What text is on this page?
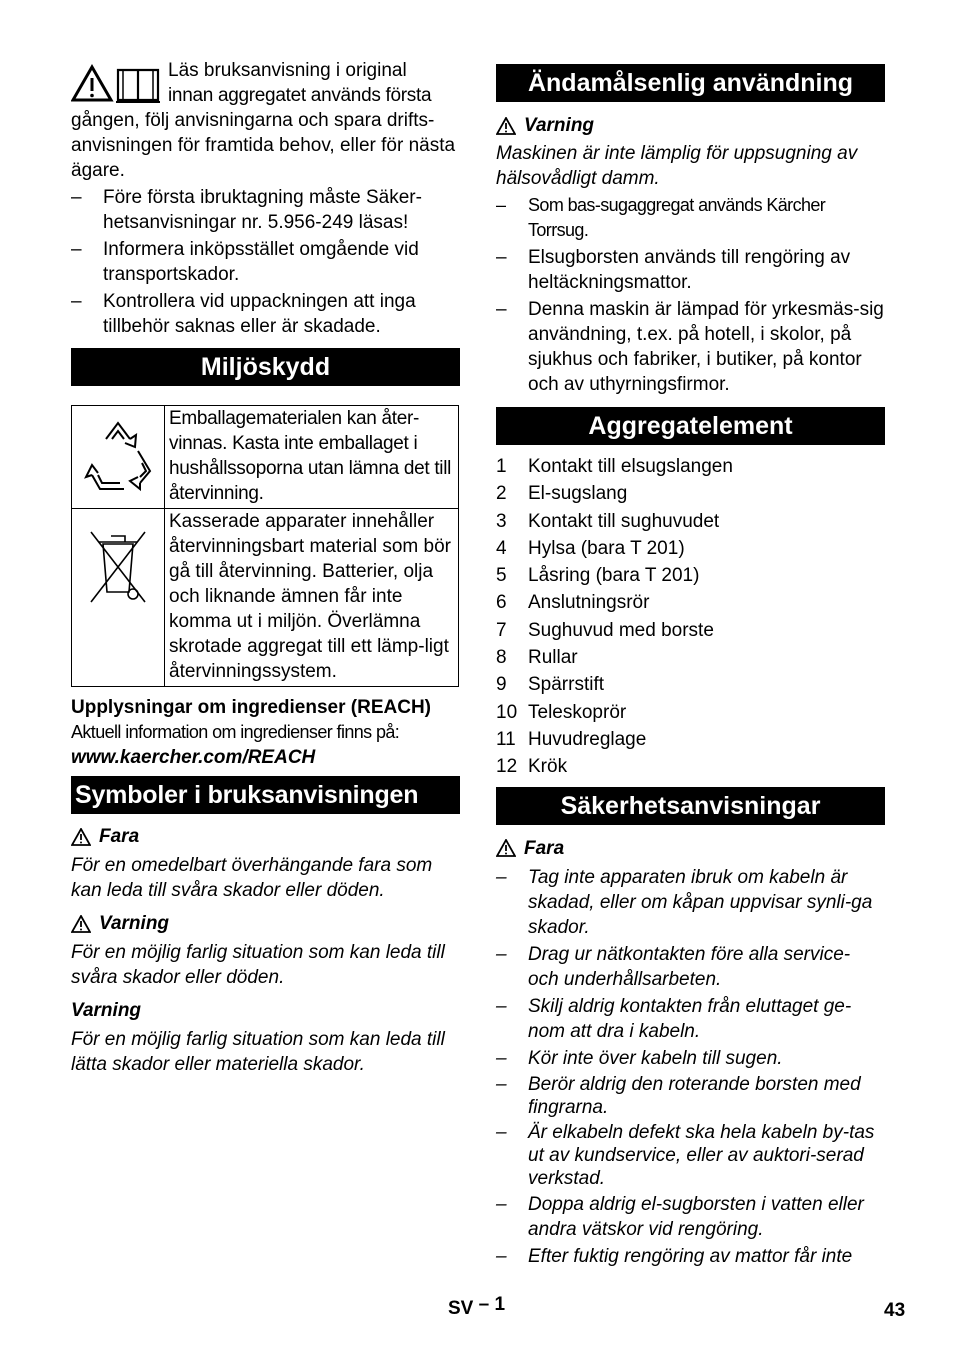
Läs bruksanvisning i original

innan aggregatet används första

gången, följ anvisningarna och spara drifts-anvisningen för framtida behov, eller för nästa ägare.

– Före första ibruktagning måste Säker-hetsanvisningar nr. 5.956-249 läsas!
– Informera inköpsstället omgående vid transportskador.
– Kontrollera vid uppackningen att inga tillbehör saknas eller är skadade.
Miljöskydd
	Emballagematerialen kan åter-vinnas. Kasta inte emballaget i hushållssoporna utan lämna det till återvinning.
	Kasserade apparater innehåller återvinningsbart material som bör gå till återvinning. Batterier, olja och liknande ämnen får inte komma ut i miljön. Överlämna skrotade aggregat till ett lämp-ligt återvinningssystem.

Upplysningar om ingredienser (REACH)

Aktuell information om ingredienser finns på:

www.kaercher.com/REACH

Symboler i bruksanvisningen
Fara

För en omedelbart överhängande fara som kan leda till svåra skador eller döden.

Varning

För en möjlig farlig situation som kan leda till svåra skador eller döden.

Varning

För en möjlig farlig situation som kan leda till lätta skador eller materiella skador.

Ändamålsenlig användning
Varning

Maskinen är inte lämplig för uppsugning av hälsovådligt damm.

– Som bas-sugaggregat används Kärcher Torrsug.
– Elsugborsten används till rengöring av heltäckningsmattor.
– Denna maskin är lämpad för yrkesmäs-sig användning, t.ex. på hotell, i skolor, på sjukhus och fabriker, i butiker, på kontor och av uthyrningsfirmor.
Aggregatelement
1	Kontakt till elsugslangen
2	El-sugslang
3	Kontakt till sughuvudet
4	Hylsa (bara T 201)
5	Låsring (bara T 201)
6	Anslutningsrör
7	Sughuvud med borste
8	Rullar
9	Spärrstift
10 Teleskoprör
11 Huvudreglage
12 Krök
Säkerhetsanvisningar
Fara
– Tag inte apparaten ibruk om kabeln är skadad, eller om kåpan uppvisar synli-ga skador.
– Drag ur nätkontakten före alla service- och underhållsarbeten.
– Skilj aldrig kontakten från eluttaget ge-nom att dra i kabeln.
– Kör inte över kabeln till sugen.
– Berör aldrig den roterande borsten med fingrarna.
– Är elkabeln defekt ska hela kabeln by-tas ut av kundservice, eller av auktori-serad verkstad.
– Doppa aldrig el-sugborsten i vatten eller andra vätskor vid rengöring.
– Efter fuktig rengöring av mattor får inte
SV – 1	43
